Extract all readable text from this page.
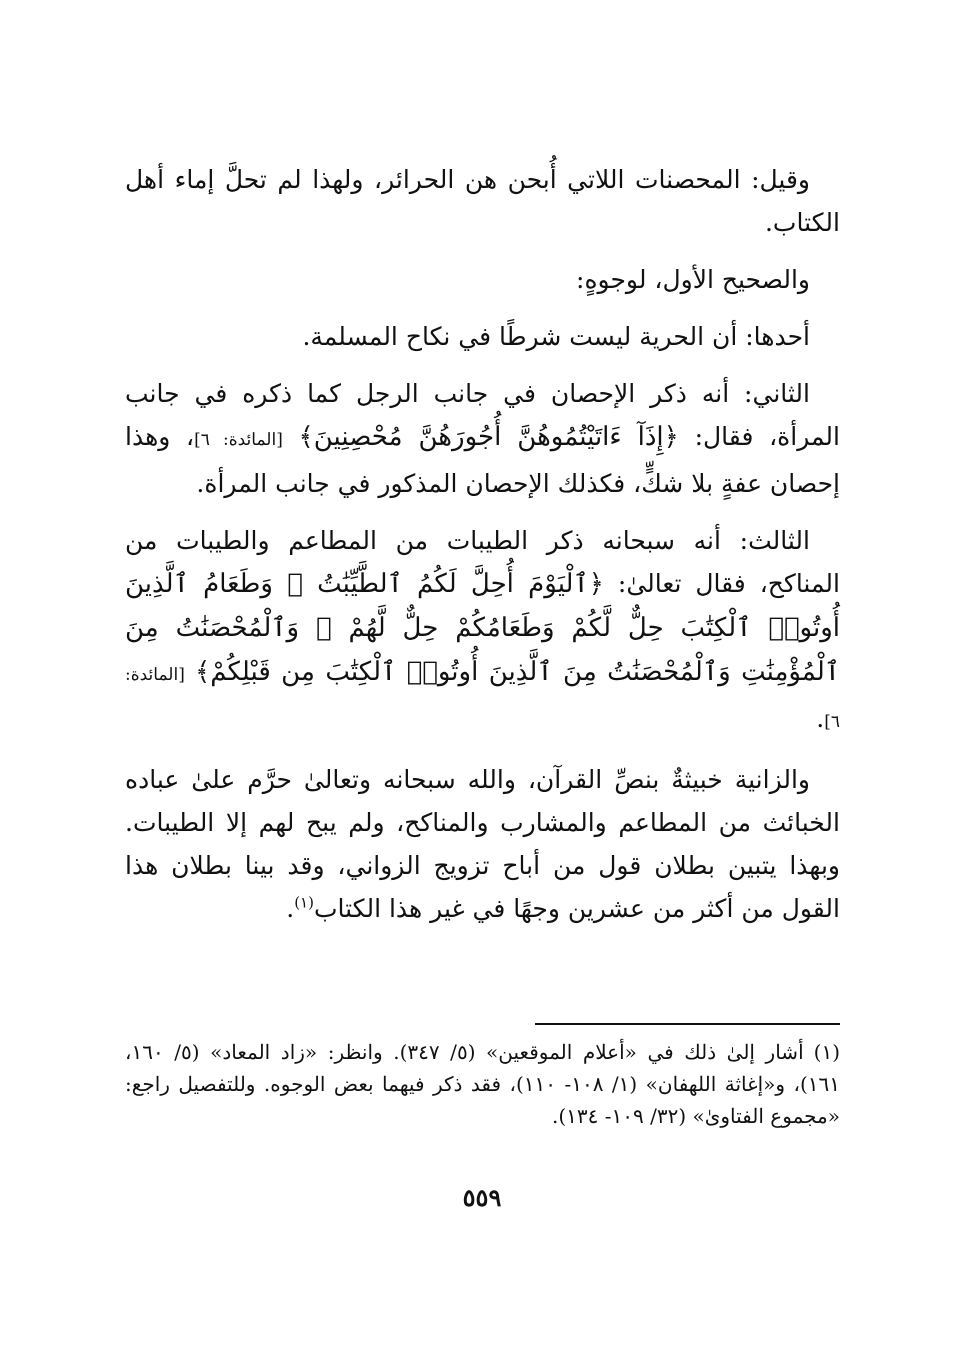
وقيل: المحصنات اللاتي أُبحن هن الحرائر، ولهذا لم تحلَّ إماء أهل الكتاب.

والصحيح الأول، لوجوهٍ:

أحدها: أن الحرية ليست شرطًا في نكاح المسلمة.

الثاني: أنه ذكر الإحصان في جانب الرجل كما ذكره في جانب المرأة، فقال: ﴿إِذَآ ءَاتَيْتُمُوهُنَّ أُجُورَهُنَّ مُحْصِنِينَ﴾ [المائدة: ٦]، وهذا إحصان عفةٍ بلا شكٍّ، فكذلك الإحصان المذكور في جانب المرأة.

الثالث: أنه سبحانه ذكر الطيبات من المطاعم والطيبات من المناكح، فقال تعالىٰ: ﴿ٱلْيَوْمَ أُحِلَّ لَكُمُ ٱلطَّيِّبَٰتُ ۖ وَطَعَامُ ٱلَّذِينَ أُوتُوا۟ ٱلْكِتَٰبَ حِلٌّ لَّكُمْ وَطَعَامُكُمْ حِلٌّ لَّهُمْ ۖ وَٱلْمُحْصَنَٰتُ مِنَ ٱلْمُؤْمِنَٰتِ وَٱلْمُحْصَنَٰتُ مِنَ ٱلَّذِينَ أُوتُوا۟ ٱلْكِتَٰبَ مِن قَبْلِكُمْ﴾ [المائدة: ٦].

والزانية خبيثةٌ بنصِّ القرآن، والله سبحانه وتعالىٰ حرَّم علىٰ عباده الخبائث من المطاعم والمشارب والمناكح، ولم يبح لهم إلا الطيبات. وبهذا يتبين بطلان قول من أباح تزويج الزواني، وقد بينا بطلان هذا القول من أكثر من عشرين وجهًا في غير هذا الكتاب$^{(١)}$.

(١)أشار إلىٰ ذلك في «أعلام الموقعين» (٥/ ٣٤٧). وانظر: «زاد المعاد» (٥/ ١٦٠، ١٦١)، و«إغاثة اللهفان» (١/ ١٠٨- ١١٠)، فقد ذكر فيهما بعض الوجوه. وللتفصيل راجع: «مجموع الفتاوىٰ» (٣٢/ ١٠٩- ١٣٤).
٥٥٩
